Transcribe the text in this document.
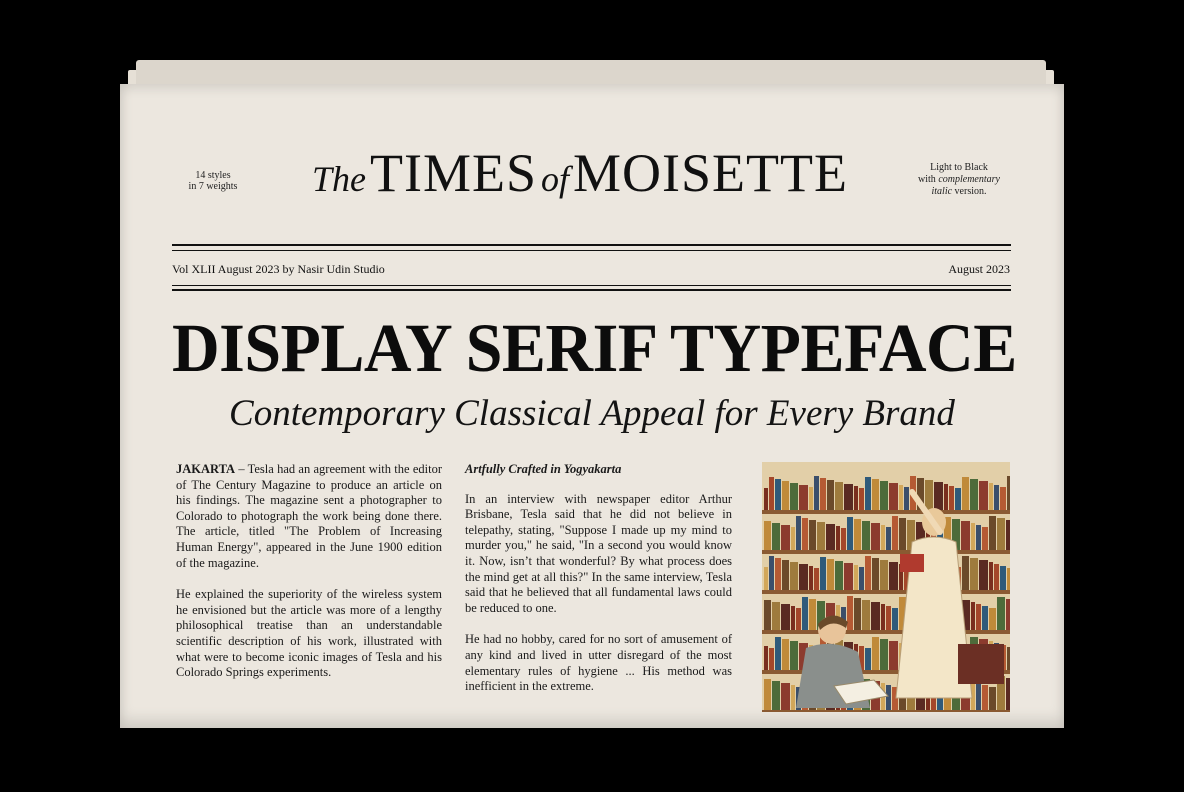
14 styles
in 7 weights	The TIMES of MOISETTE	Light to Black
with complementary
italic version.
Vol XLII August 2023 by Nasir Udin Studio	August 2023
DISPLAY SERIF TYPEFACE
Contemporary Classical Appeal for Every Brand

JAKARTA – Tesla had an agreement with the editor of The Century Magazine to produce an article on his findings. The magazine sent a photographer to Colorado to photograph the work being done there. The article, titled "The Problem of Increasing Human Energy", appeared in the June 1900 edition of the magazine.

He explained the superiority of the wireless system he envisioned but the article was more of a lengthy philosophical treatise than an understandable scientific description of his work, illustrated with what were to become iconic images of Tesla and his Colorado Springs experiments.

Artfully Crafted in Yogyakarta

In an interview with newspaper editor Arthur Brisbane, Tesla said that he did not believe in telepathy, stating, "Suppose I made up my mind to murder you," he said, "In a second you would know it. Now, isn’t that wonderful? By what process does the mind get at all this?" In the same interview, Tesla said that he believed that all fundamental laws could be reduced to one.

He had no hobby, cared for no sort of amusement of any kind and lived in utter disregard of the most elementary rules of hygiene ... His method was inefficient in the extreme.
